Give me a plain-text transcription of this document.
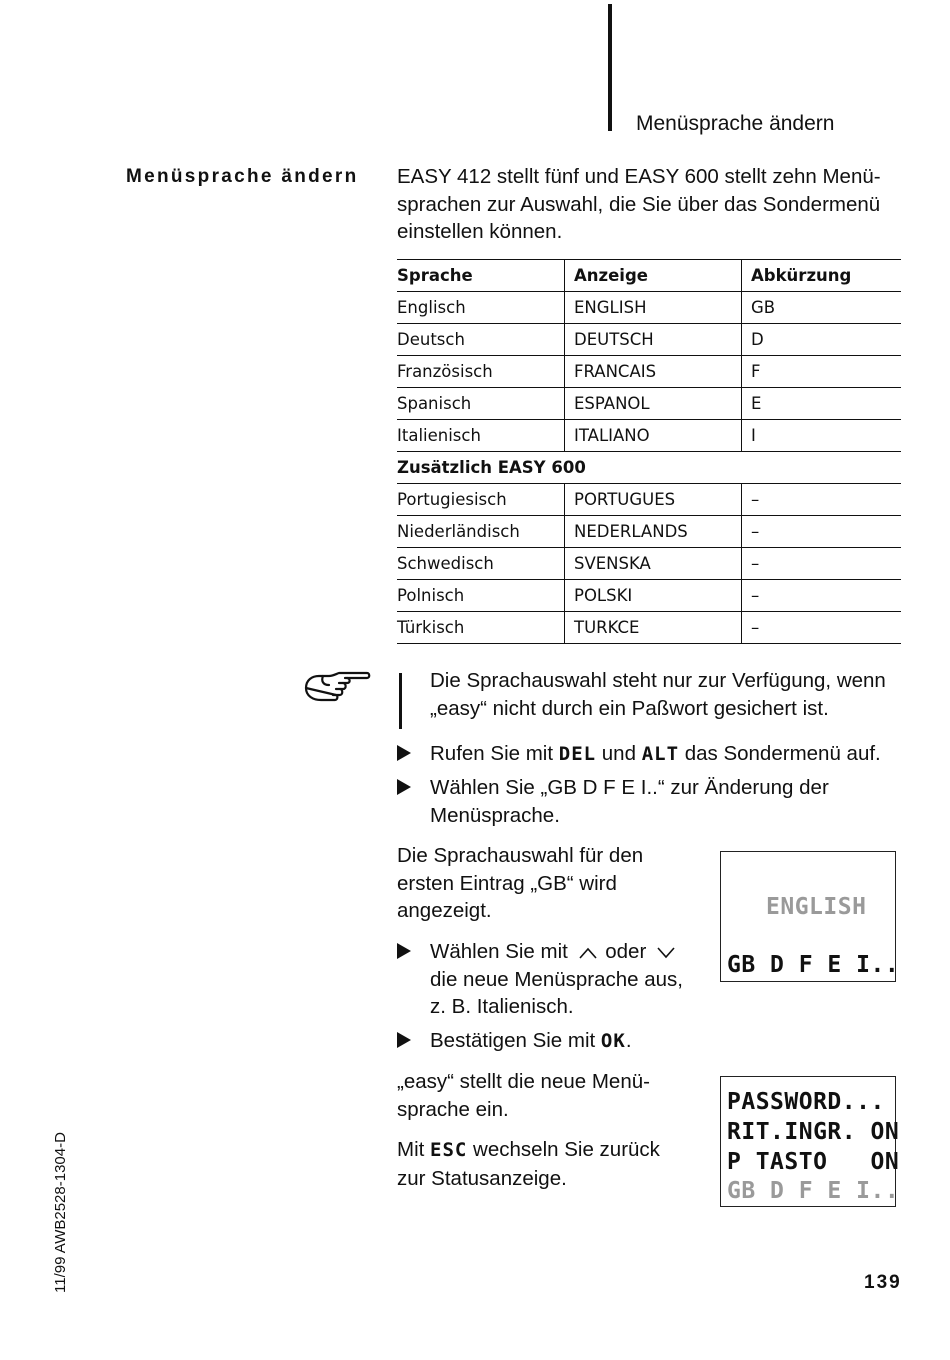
Menüsprache ändern
Menüsprache ändern EASY 412 stellt fünf und EASY 600 stellt zehn Menü-
sprachen zur Auswahl, die Sie über das Sondermenü
einstellen können.
Sprache	Anzeige	Abkürzung
Englisch	ENGLISH	GB
Deutsch	DEUTSCH	D
Französisch	FRANCAIS	F
Spanisch	ESPANOL	E
Italienisch	ITALIANO	I
Zusätzlich EASY 600		
Portugiesisch	PORTUGUES	–
Niederländisch	NEDERLANDS	–
Schwedisch	SVENSKA	–
Polnisch	POLSKI	–
Türkisch	TURKCE	–
Die Sprachauswahl steht nur zur Verfügung, wenn
„easy“ nicht durch ein Paßwort gesichert ist.
Rufen Sie mit DEL und ALT das Sondermenü auf.
Wählen Sie „GB D F E I..“ zur Änderung der
Menüsprache.
Die Sprachauswahl für den
ersten Eintrag „GB“ wird
angezeigt.
Wählen Sie mit  oder
die neue Menüsprache aus,
z. B. Italienisch.
Bestätigen Sie mit OK.
„easy“ stellt die neue Menü-
sprache ein.
Mit ESC wechseln Sie zurück
zur Statusanzeige.
ENGLISH
GB D F E I..
PASSWORD...
RIT.INGR. ON
P TASTO   ON
GB D F E I..
139
11/99 AWB2528-1304-D
